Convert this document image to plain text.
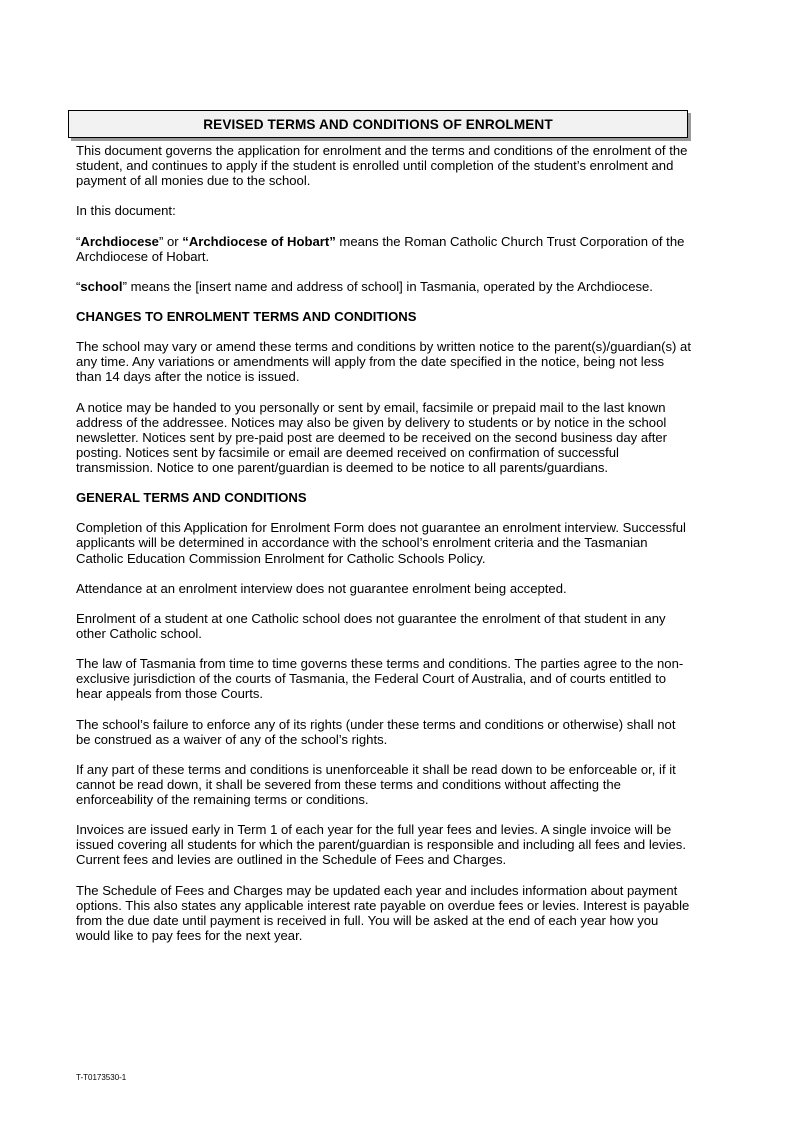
REVISED TERMS AND CONDITIONS OF ENROLMENT

This document governs the application for enrolment and the terms and conditions of the enrolment of the student, and continues to apply if the student is enrolled until completion of the student’s enrolment and payment of all monies due to the school.

In this document:

“Archdiocese” or “Archdiocese of Hobart” means the Roman Catholic Church Trust Corporation of the Archdiocese of Hobart.

“school” means the [insert name and address of school] in Tasmania, operated by the Archdiocese.

CHANGES TO ENROLMENT TERMS AND CONDITIONS

The school may vary or amend these terms and conditions by written notice to the parent(s)/guardian(s) at any time. Any variations or amendments will apply from the date specified in the notice, being not less than 14 days after the notice is issued.

A notice may be handed to you personally or sent by email, facsimile or prepaid mail to the last known address of the addressee. Notices may also be given by delivery to students or by notice in the school newsletter. Notices sent by pre-paid post are deemed to be received on the second business day after posting. Notices sent by facsimile or email are deemed received on confirmation of successful transmission. Notice to one parent/guardian is deemed to be notice to all parents/guardians.

GENERAL TERMS AND CONDITIONS

Completion of this Application for Enrolment Form does not guarantee an enrolment interview. Successful applicants will be determined in accordance with the school’s enrolment criteria and the Tasmanian Catholic Education Commission Enrolment for Catholic Schools Policy.

Attendance at an enrolment interview does not guarantee enrolment being accepted.

Enrolment of a student at one Catholic school does not guarantee the enrolment of that student in any other Catholic school.

The law of Tasmania from time to time governs these terms and conditions. The parties agree to the non-exclusive jurisdiction of the courts of Tasmania, the Federal Court of Australia, and of courts entitled to hear appeals from those Courts.

The school’s failure to enforce any of its rights (under these terms and conditions or otherwise) shall not be construed as a waiver of any of the school’s rights.

If any part of these terms and conditions is unenforceable it shall be read down to be enforceable or, if it cannot be read down, it shall be severed from these terms and conditions without affecting the enforceability of the remaining terms or conditions.

Invoices are issued early in Term 1 of each year for the full year fees and levies. A single invoice will be issued covering all students for which the parent/guardian is responsible and including all fees and levies. Current fees and levies are outlined in the Schedule of Fees and Charges.

The Schedule of Fees and Charges may be updated each year and includes information about payment options. This also states any applicable interest rate payable on overdue fees or levies. Interest is payable from the due date until payment is received in full. You will be asked at the end of each year how you would like to pay fees for the next year.

T-T0173530-1
